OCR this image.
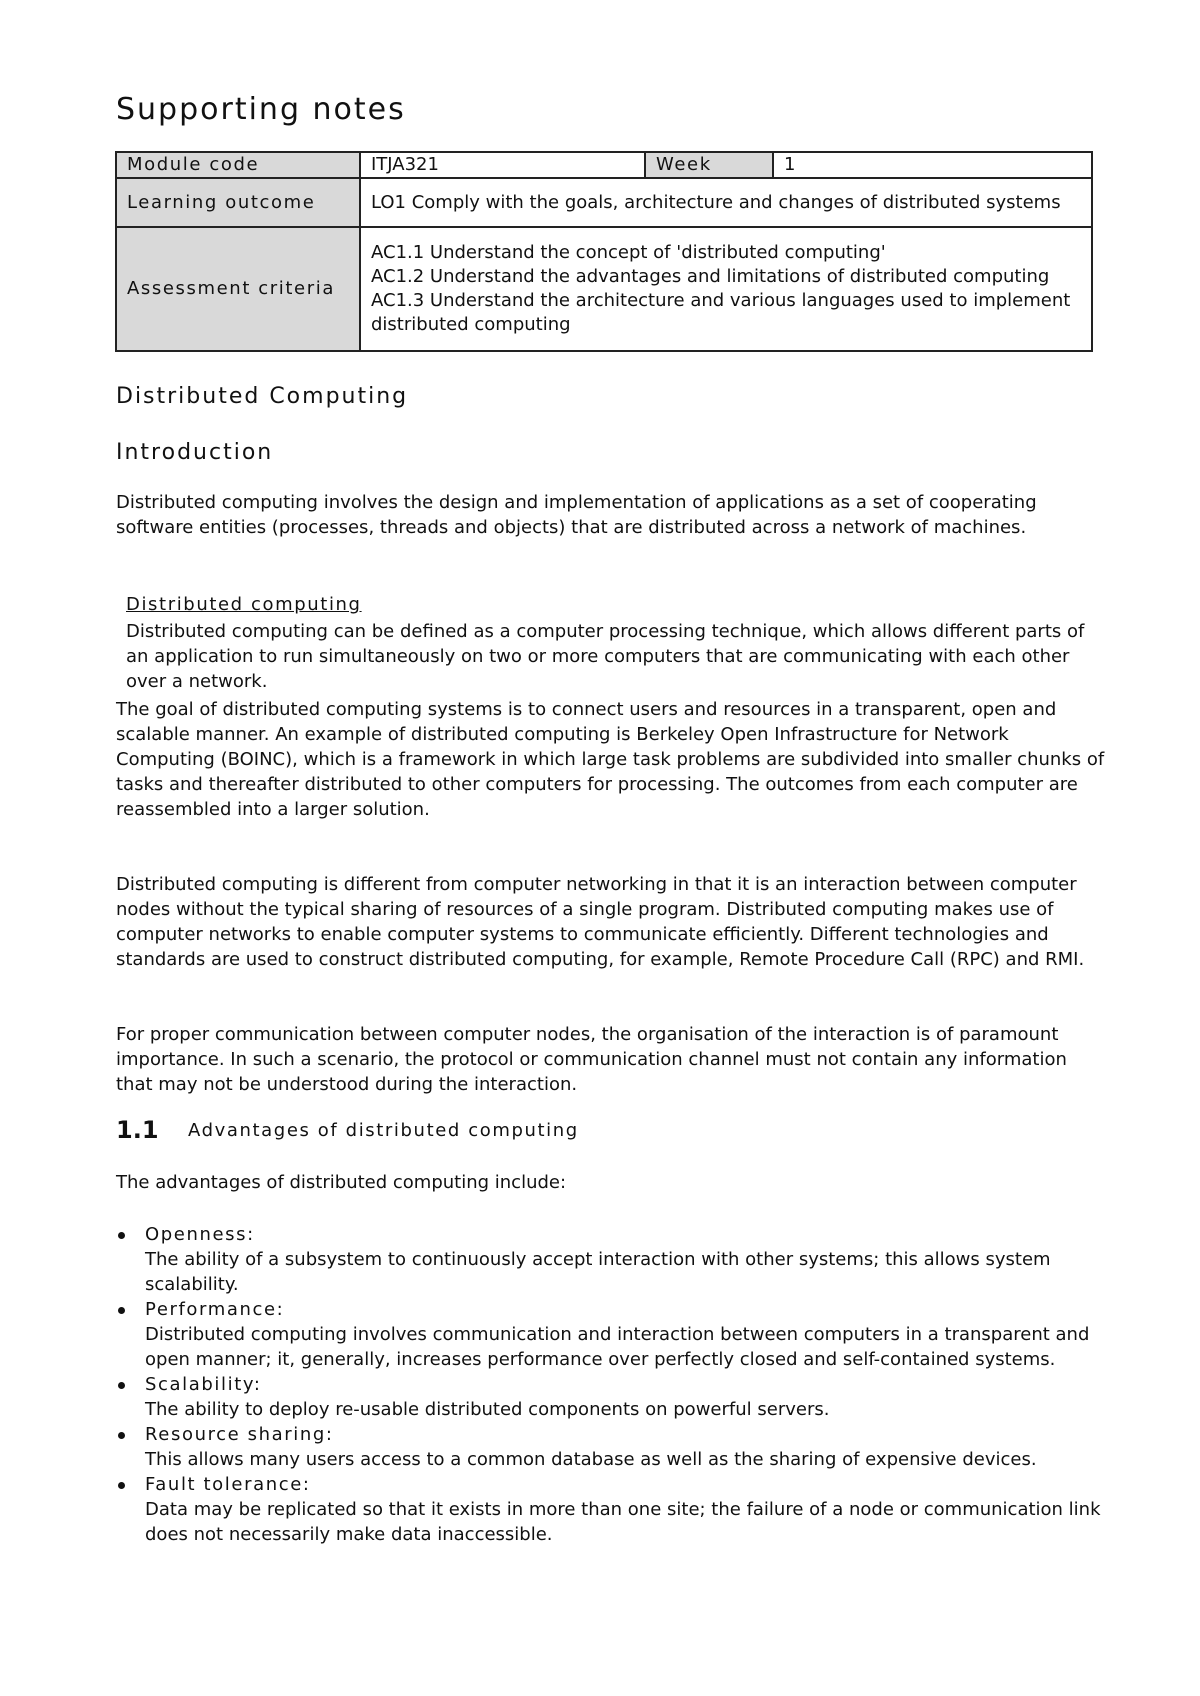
Supporting notes
Module code	ITJA321	Week	1
Learning outcome	LO1 Comply with the goals, architecture and changes of distributed systems		
Assessment criteria	AC1.1 Understand the concept of 'distributed computing'
AC1.2 Understand the advantages and limitations of distributed computing
AC1.3 Understand the architecture and various languages used to implement distributed computing		
Distributed Computing
Introduction

Distributed computing involves the design and implementation of applications as a set of cooperating software entities (processes, threads and objects) that are distributed across a network of machines.

Distributed computing

Distributed computing can be defined as a computer processing technique, which allows different parts of an application to run simultaneously on two or more computers that are communicating with each other over a network.

The goal of distributed computing systems is to connect users and resources in a transparent, open and scalable manner. An example of distributed computing is Berkeley Open Infrastructure for Network Computing (BOINC), which is a framework in which large task problems are subdivided into smaller chunks of tasks and thereafter distributed to other computers for processing. The outcomes from each computer are reassembled into a larger solution.

Distributed computing is different from computer networking in that it is an interaction between computer nodes without the typical sharing of resources of a single program. Distributed computing makes use of computer networks to enable computer systems to communicate efficiently. Different technologies and standards are used to construct distributed computing, for example, Remote Procedure Call (RPC) and RMI.

For proper communication between computer nodes, the organisation of the interaction is of paramount importance. In such a scenario, the protocol or communication channel must not contain any information that may not be understood during the interaction.

1.1 Advantages of distributed computing

The advantages of distributed computing include:

Openness:
The ability of a subsystem to continuously accept interaction with other systems; this allows system scalability.
Performance:
Distributed computing involves communication and interaction between computers in a transparent and open manner; it, generally, increases performance over perfectly closed and self-contained systems.
Scalability:
The ability to deploy re-usable distributed components on powerful servers.
Resource sharing:
This allows many users access to a common database as well as the sharing of expensive devices.
Fault tolerance:
Data may be replicated so that it exists in more than one site; the failure of a node or communication link does not necessarily make data inaccessible.
